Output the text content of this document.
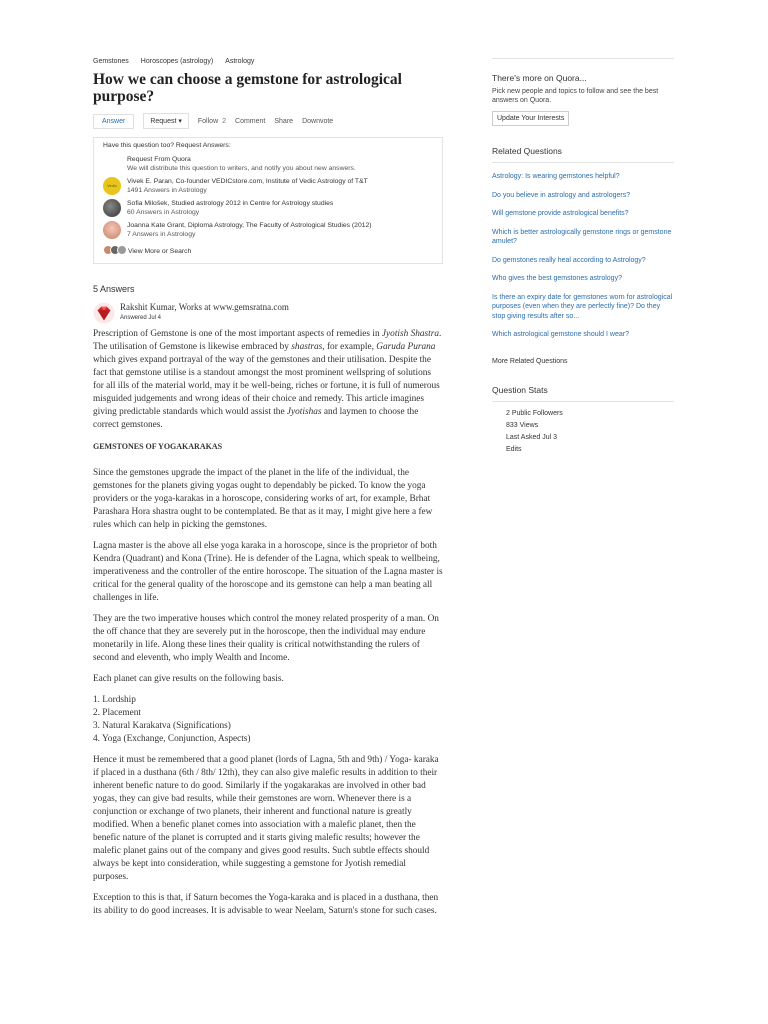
Gemstones Horoscopes (astrology) Astrology
How we can choose a gemstone for astrological purpose?
Answer	Request ▾	Follow 2 Comment Share Downvote
Have this question too? Request Answers:
Request From Quora
We will distribute this question to writers, and notify you about new answers.
Vedic
Vivek E. Paran, Co-founder VEDICstore.com, Institute of Vedic Astrology of T&T
1491 Answers in Astrology
Sofia Milošek, Studied astrology 2012 in Centre for Astrology studies
60 Answers in Astrology
Joanna Kate Grant, Diploma Astrology, The Faculty of Astrological Studies (2012)
7 Answers in Astrology
View More or Search
5 Answers
Rakshit Kumar, Works at www.gemsratna.com
Answered Jul 4

Prescription of Gemstone is one of the most important aspects of remedies in Jyotish Shastra. The utilisation of Gemstone is likewise embraced by shastras, for example, Garuda Purana which gives expand portrayal of the way of the gemstones and their utilisation. Despite the fact that gemstone utilise is a standout amongst the most prominent wellspring of solutions for all ills of the material world, may it be well-being, riches or fortune, it is full of numerous misguided judgements and wrong ideas of their choice and remedy. This article imagines giving predictable standards which would assist the Jyotishas and laymen to choose the correct gemstones.

GEMSTONES OF YOGAKARAKAS

Since the gemstones upgrade the impact of the planet in the life of the individual, the gemstones for the planets giving yogas ought to dependably be picked. To know the yoga providers or the yoga-karakas in a horoscope, considering works of art, for example, Brhat Parashara Hora shastra ought to be contemplated. Be that as it may, I might give here a few rules which can help in picking the gemstones.

Lagna master is the above all else yoga karaka in a horoscope, since is the proprietor of both Kendra (Quadrant) and Kona (Trine). He is defender of the Lagna, which speak to wellbeing, imperativeness and the controller of the entire horoscope. The situation of the Lagna master is critical for the general quality of the horoscope and its gemstone can help a man beating all challenges in life.

They are the two imperative houses which control the money related prosperity of a man. On the off chance that they are severely put in the horoscope, then the individual may endure monetarily in life. Along these lines their quality is critical notwithstanding the rulers of second and eleventh, who imply Wealth and Income.

Each planet can give results on the following basis.

1. Lordship
2. Placement
3. Natural Karakatva (Significations)
4. Yoga (Exchange, Conjunction, Aspects)

Hence it must be remembered that a good planet (lords of Lagna, 5th and 9th) / Yoga- karaka if placed in a dusthana (6th / 8th/ 12th), they can also give malefic results in addition to their inherent benefic nature to do good. Similarly if the yogakarakas are involved in other bad yogas, they can give bad results, while their gemstones are worn. Whenever there is a conjunction or exchange of two planets, their inherent and functional nature is greatly modified. When a benefic planet comes into association with a malefic planet, then the benefic nature of the planet is corrupted and it starts giving malefic results; however the malefic planet gains out of the company and gives good results. Such subtle effects should always be kept into consideration, while suggesting a gemstone for Jyotish remedial purposes.

Exception to this is that, if Saturn becomes the Yoga-karaka and is placed in a dusthana, then its ability to do good increases. It is advisable to wear Neelam, Saturn's stone for such cases.

There's more on Quora...
Pick new people and topics to follow and see the best answers on Quora.
Update Your Interests
Related Questions
Astrology: Is wearing gemstones helpful?
Do you believe in astrology and astrologers?
Will gemstone provide astrological benefits?
Which is better astrologically gemstone rings or gemstone amulet?
Do gemstones really heal according to Astrology?
Who gives the best gemstones astrology?
Is there an expiry date for gemstones worn for astrological purposes (even when they are perfectly fine)? Do they stop giving results after so...
Which astrological gemstone should I wear?
More Related Questions
Question Stats
2 Public Followers
833 Views
Last Asked Jul 3
Edits
